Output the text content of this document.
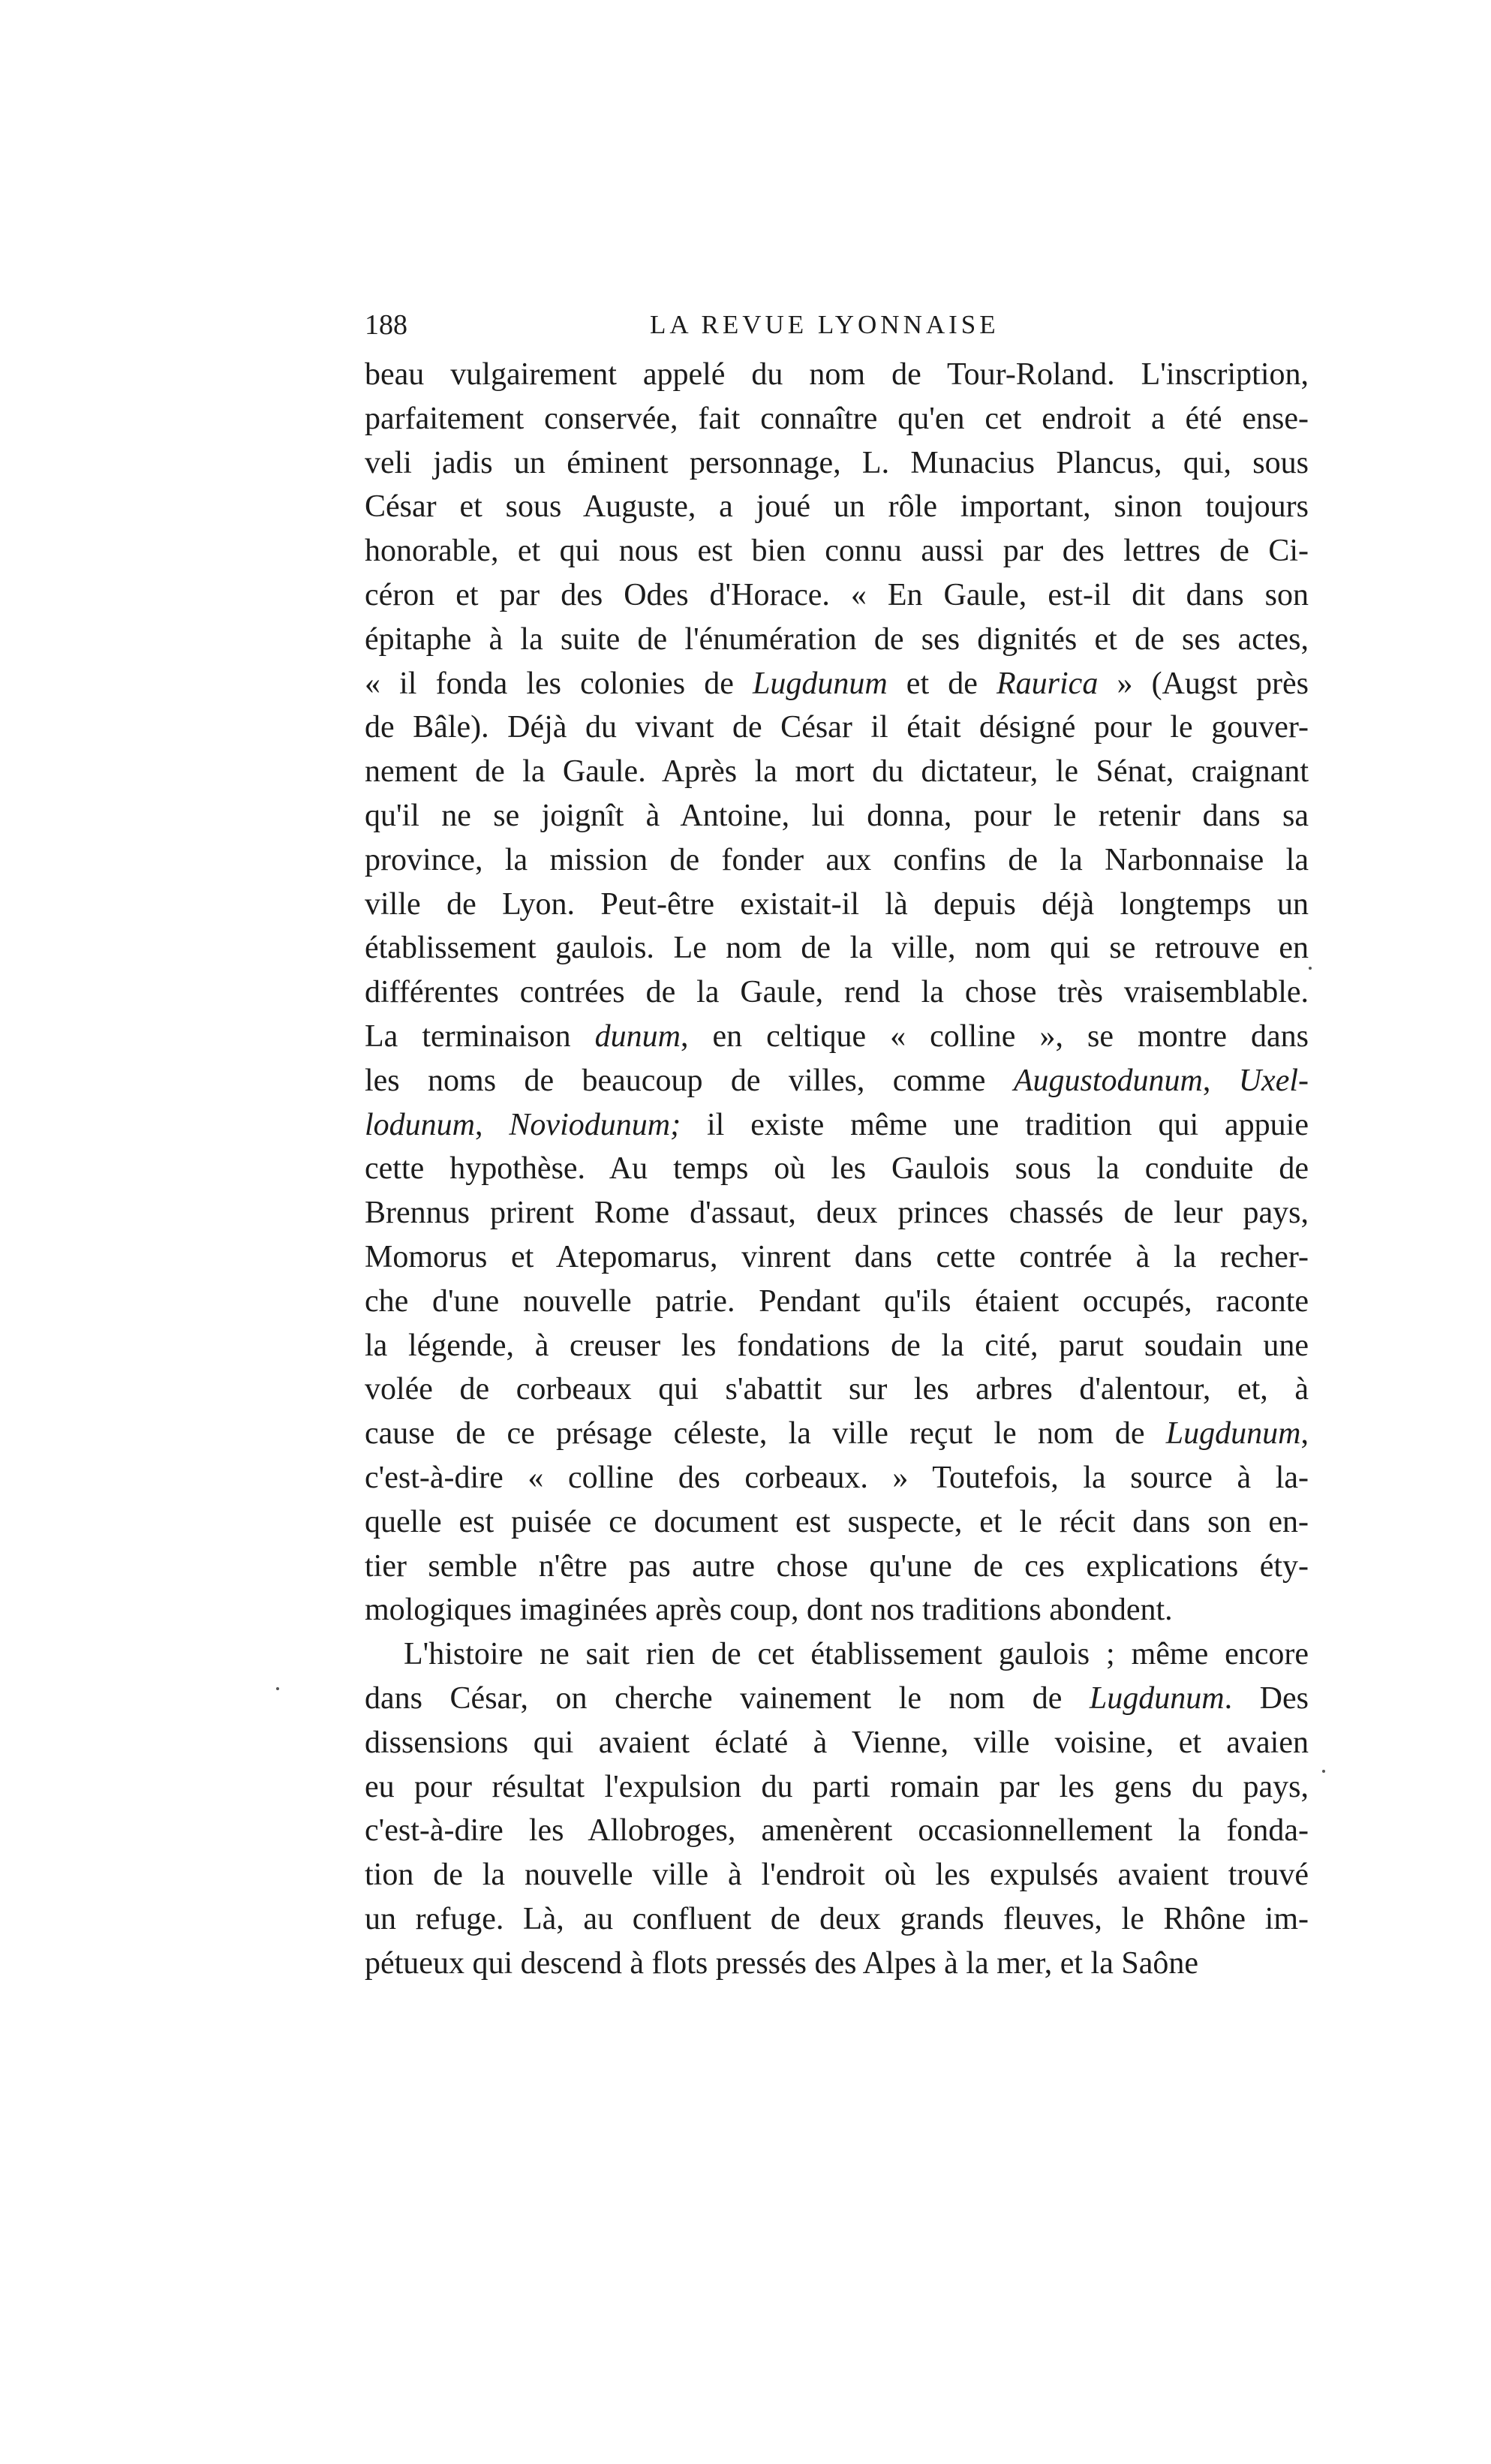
188	LA REVUE LYONNAISE
beau vulgairement appelé du nom de Tour-Roland. L'inscription,
parfaitement conservée, fait connaître qu'en cet endroit a été ense-
veli jadis un éminent personnage, L. Munacius Plancus, qui, sous
César et sous Auguste, a joué un rôle important, sinon toujours
honorable, et qui nous est bien connu aussi par des lettres de Ci-
céron et par des Odes d'Horace. « En Gaule, est-il dit dans son
épitaphe à la suite de l'énumération de ses dignités et de ses actes,
« il fonda les colonies de Lugdunum et de Raurica » (Augst près
de Bâle). Déjà du vivant de César il était désigné pour le gouver-
nement de la Gaule. Après la mort du dictateur, le Sénat, craignant
qu'il ne se joignît à Antoine, lui donna, pour le retenir dans sa
province, la mission de fonder aux confins de la Narbonnaise la
ville de Lyon. Peut-être existait-il là depuis déjà longtemps un
établissement gaulois. Le nom de la ville, nom qui se retrouve en
différentes contrées de la Gaule, rend la chose très vraisemblable.
La terminaison dunum, en celtique « colline », se montre dans
les noms de beaucoup de villes, comme Augustodunum, Uxel-
lodunum, Noviodunum; il existe même une tradition qui appuie
cette hypothèse. Au temps où les Gaulois sous la conduite de
Brennus prirent Rome d'assaut, deux princes chassés de leur pays,
Momorus et Atepomarus, vinrent dans cette contrée à la recher-
che d'une nouvelle patrie. Pendant qu'ils étaient occupés, raconte
la légende, à creuser les fondations de la cité, parut soudain une
volée de corbeaux qui s'abattit sur les arbres d'alentour, et, à
cause de ce présage céleste, la ville reçut le nom de Lugdunum,
c'est-à-dire « colline des corbeaux. » Toutefois, la source à la-
quelle est puisée ce document est suspecte, et le récit dans son en-
tier semble n'être pas autre chose qu'une de ces explications éty-
mologiques imaginées après coup, dont nos traditions abondent.
L'histoire ne sait rien de cet établissement gaulois ; même encore
dans César, on cherche vainement le nom de Lugdunum. Des
dissensions qui avaient éclaté à Vienne, ville voisine, et avaien
eu pour résultat l'expulsion du parti romain par les gens du pays,
c'est-à-dire les Allobroges, amenèrent occasionnellement la fonda-
tion de la nouvelle ville à l'endroit où les expulsés avaient trouvé
un refuge. Là, au confluent de deux grands fleuves, le Rhône im-
pétueux qui descend à flots pressés des Alpes à la mer, et la Saône
